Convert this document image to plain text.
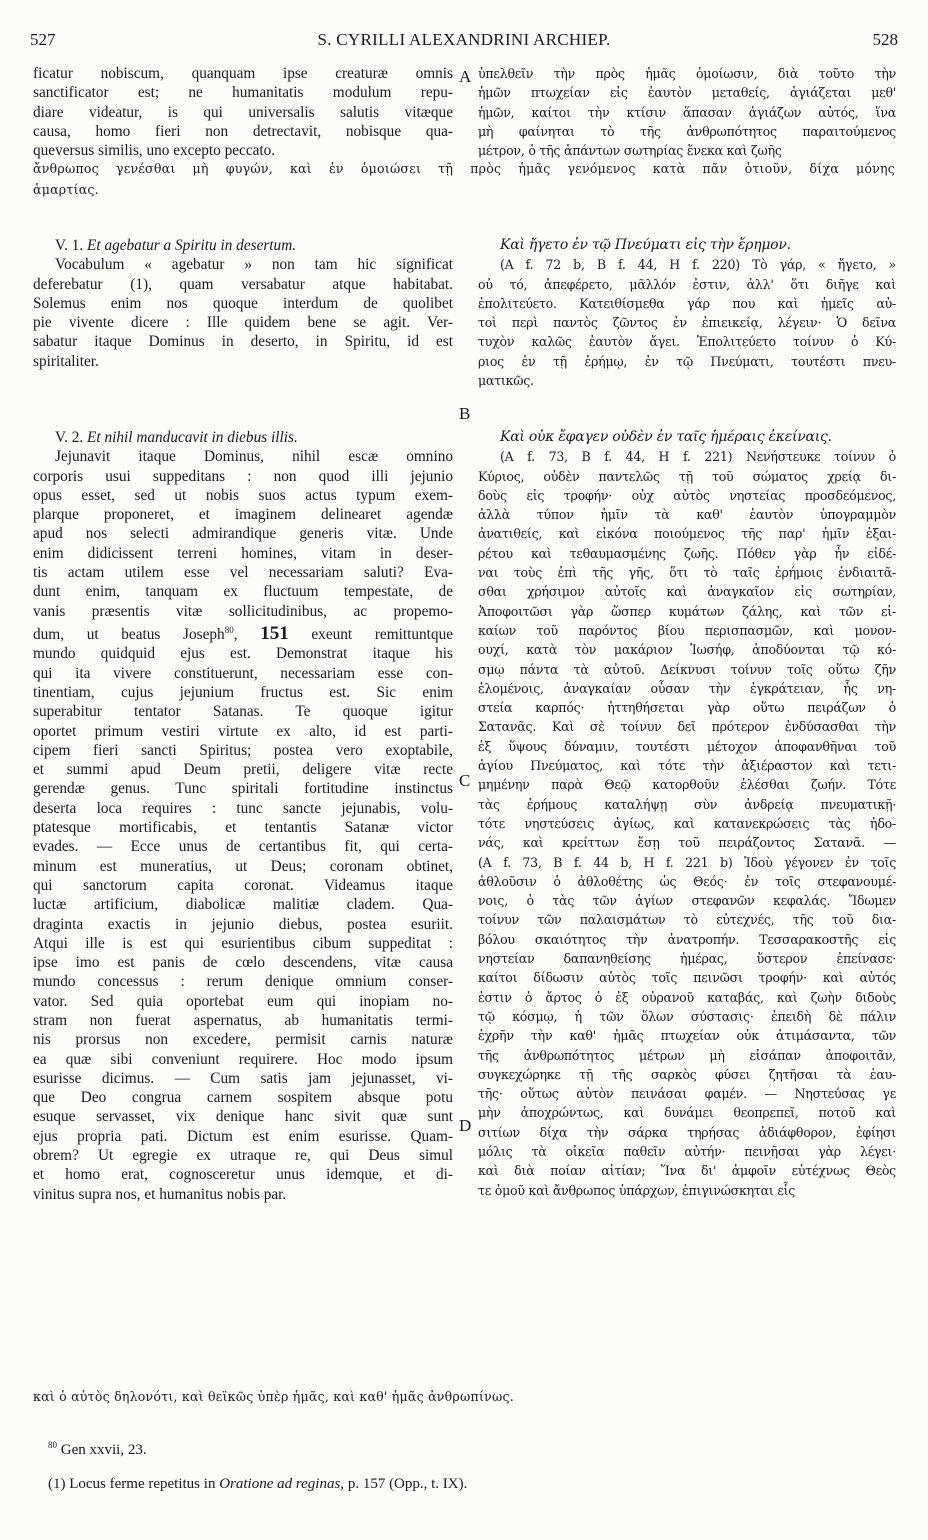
527	S. CYRILLI ALEXANDRINI ARCHIEP.	528

ficatur nobiscum, quanquam ipse creaturæ omnis

sanctificator est; ne humanitatis modulum repu-

diare videatur, is qui universalis salutis vitæque

causa, homo fieri non detrectavit, nobisque qua-

queversus similis, uno excepto peccato.

ὑπελθεῖν τὴν πρὸς ἡμᾶς ὁμοίωσιν, διὰ τοῦτο τὴν

ἡμῶν πτωχείαν εἰς ἑαυτὸν μεταθείς, ἁγιάζεται μεθ'

ἡμῶν, καίτοι τὴν κτίσιν ἅπασαν ἁγιάζων αὐτός, ἵνα

μὴ φαίνηται τὸ τῆς ἀνθρωπότητος παραιτούμενος

μέτρον, ὁ τῆς ἁπάντων σωτηρίας ἕνεκα καὶ ζωῆς

ἄνθρωπος γενέσθαι μὴ φυγών, καὶ ἐν ὁμοιώσει τῇ πρὸς ἡμᾶς γενόμενος κατὰ πᾶν ὁτιοῦν, δίχα μόνης

ἁμαρτίας.

V. 1. Et agebatur a Spiritu in desertum.

Vocabulum « agebatur » non tam hic significat

deferebatur (1), quam versabatur atque habitabat.

Solemus enim nos quoque interdum de quolibet

pie vivente dicere : Ille quidem bene se agit. Ver-

sabatur itaque Dominus in deserto, in Spiritu, id est

spiritaliter.

Καὶ ἤγετο ἐν τῷ Πνεύματι εἰς τὴν ἔρημον.

(A f. 72 b, B f. 44, H f. 220) Τὸ γάρ, « ἤγετο, »

οὐ τό, ἀπεφέρετο, μᾶλλόν ἐστιν, ἀλλ' ὅτι διῆγε καὶ

ἐπολιτεύετο. Κατειθίσμεθα γάρ που καὶ ἡμεῖς αὐ-

τοὶ περὶ παντὸς ζῶντος ἐν ἐπιεικείᾳ, λέγειν· Ὁ δεῖνα

τυχὸν καλῶς ἑαυτὸν ἄγει. Ἐπολιτεύετο τοίνυν ὁ Κύ-

ριος ἐν τῇ ἐρήμῳ, ἐν τῷ Πνεύματι, τουτέστι πνευ-

ματικῶς.

V. 2. Et nihil manducavit in diebus illis.

Jejunavit itaque Dominus, nihil escæ omnino

corporis usui suppeditans : non quod illi jejunio

opus esset, sed ut nobis suos actus typum exem-

plarque proponeret, et imaginem delinearet agendæ

apud nos selecti admirandique generis vitæ. Unde

enim didicissent terreni homines, vitam in deser-

tis actam utilem esse vel necessariam saluti? Eva-

dunt enim, tanquam ex fluctuum tempestate, de

vanis præsentis vitæ sollicitudinibus, ac propemo-

dum, ut beatus Joseph$^{80}$, 151 exeunt remittuntque

mundo quidquid ejus est. Demonstrat itaque his

qui ita vivere constituerunt, necessariam esse con-

tinentiam, cujus jejunium fructus est. Sic enim

superabitur tentator Satanas. Te quoque igitur

oportet primum vestiri virtute ex alto, id est parti-

cipem fieri sancti Spiritus; postea vero exoptabile,

et summi apud Deum pretii, deligere vitæ recte

gerendæ genus. Tunc spiritali fortitudine instinctus

deserta loca requires : tunc sancte jejunabis, volu-

ptatesque mortificabis, et tentantis Satanæ victor

evades. — Ecce unus de certantibus fit, qui certa-

minum est muneratius, ut Deus; coronam obtinet,

qui sanctorum capita coronat. Videamus itaque

luctæ artificium, diabolicæ malitiæ cladem. Qua-

draginta exactis in jejunio diebus, postea esuriit.

Atqui ille is est qui esurientibus cibum suppeditat :

ipse imo est panis de cœlo descendens, vitæ causa

mundo concessus : rerum denique omnium conser-

vator. Sed quia oportebat eum qui inopiam no-

stram non fuerat aspernatus, ab humanitatis termi-

nis prorsus non excedere, permisit carnis naturæ

ea quæ sibi conveniunt requirere. Hoc modo ipsum

esurisse dicimus. — Cum satis jam jejunasset, vi-

que Deo congrua carnem sospitem absque potu

esuque servasset, vix denique hanc sivit quæ sunt

ejus propria pati. Dictum est enim esurisse. Quam-

obrem? Ut egregie ex utraque re, qui Deus simul

et homo erat, cognosceretur unus idemque, et di-

vinitus supra nos, et humanitus nobis par.

Καὶ οὐκ ἔφαγεν οὐδὲν ἐν ταῖς ἡμέραις ἐκείναις.

(A f. 73, B f. 44, H f. 221) Νενήστευκε τοίνυν ὁ

Κύριος, οὐδὲν παντελῶς τῇ τοῦ σώματος χρείᾳ δι-

δοὺς εἰς τροφήν· οὐχ αὐτὸς νηστείας προσδεόμενος,

ἀλλὰ τύπον ἡμῖν τὰ καθ' ἑαυτὸν ὑπογραμμὸν

ἀνατιθείς, καὶ εἰκόνα ποιούμενος τῆς παρ' ἡμῖν ἐξαι-

ρέτου καὶ τεθαυμασμένης ζωῆς. Πόθεν γὰρ ἦν εἰδέ-

ναι τοὺς ἐπὶ τῆς γῆς, ὅτι τὸ ταῖς ἐρήμοις ἐνδιαιτᾶ-

σθαι χρήσιμον αὐτοῖς καὶ ἀναγκαῖον εἰς σωτηρίαν,

Ἀποφοιτῶσι γὰρ ὥσπερ κυμάτων ζάλης, καὶ τῶν εἰ-

καίων τοῦ παρόντος βίου περισπασμῶν, καὶ μονον-

ουχί, κατὰ τὸν μακάριον Ἰωσήφ, ἀποδύονται τῷ κό-

σμῳ πάντα τὰ αὐτοῦ. Δείκνυσι τοίνυν τοῖς οὕτω ζῆν

ἑλομένοις, ἀναγκαίαν οὖσαν τὴν ἐγκράτειαν, ἧς νη-

στεία καρπός· ἡττηθήσεται γὰρ οὕτω πειράζων ὁ

Σατανᾶς. Καὶ σὲ τοίνυν δεῖ πρότερον ἐνδύσασθαι τὴν

ἐξ ὕψους δύναμιν, τουτέστι μέτοχον ἀποφανθῆναι τοῦ

ἁγίου Πνεύματος, καὶ τότε τὴν ἀξιέραστον καὶ τετι-

μημένην παρὰ Θεῷ κατορθοῦν ἑλέσθαι ζωήν. Τότε

τὰς ἐρήμους καταλήψῃ σὺν ἀνδρείᾳ πνευματικῇ·

τότε νηστεύσεις ἁγίως, καὶ κατανεκρώσεις τὰς ἡδο-

νάς, καὶ κρείττων ἔσῃ τοῦ πειράζοντος Σατανᾶ. —

(A f. 73, B f. 44 b, H f. 221 b) Ἰδοὺ γέγονεν ἐν τοῖς

ἀθλοῦσιν ὁ ἀθλοθέτης ὡς Θεός· ἐν τοῖς στεφανουμέ-

νοις, ὁ τὰς τῶν ἁγίων στεφανῶν κεφαλάς. Ἴδωμεν

τοίνυν τῶν παλαισμάτων τὸ εὐτεχνές, τῆς τοῦ δια-

βόλου σκαιότητος τὴν ἀνατροπήν. Τεσσαρακοστῆς εἰς

νηστείαν δαπανηθείσης ἡμέρας, ὕστερον ἐπείνασε·

καίτοι δίδωσιν αὐτὸς τοῖς πεινῶσι τροφήν· καὶ αὐτός

ἐστιν ὁ ἄρτος ὁ ἐξ οὐρανοῦ καταβάς, καὶ ζωὴν διδοὺς

τῷ κόσμῳ, ἡ τῶν ὅλων σύστασις· ἐπειδὴ δὲ πάλιν

ἐχρῆν τὴν καθ' ἡμᾶς πτωχείαν οὐκ ἀτιμάσαντα, τῶν

τῆς ἀνθρωπότητος μέτρων μὴ εἰσάπαν ἀποφοιτᾶν,

συγκεχώρηκε τῇ τῆς σαρκὸς φύσει ζητῆσαι τὰ ἑαυ-

τῆς· οὕτως αὐτὸν πεινάσαι φαμέν. — Νηστεύσας γε

μὴν ἀποχρώντως, καὶ δυνάμει θεοπρεπεῖ, ποτοῦ καὶ

σιτίων δίχα τὴν σάρκα τηρήσας ἀδιάφθορον, ἐφίησι

μόλις τὰ οἰκεῖα παθεῖν αὐτήν· πεινῆσαι γὰρ λέγει·

καὶ διὰ ποίαν αἰτίαν; Ἵνα δι' ἀμφοῖν εὐτέχνως Θεὸς

τε ὁμοῦ καὶ ἄνθρωπος ὑπάρχων, ἐπιγινώσκηται εἷς

καὶ ὁ αὐτὸς δηλονότι, καὶ θεϊκῶς ὑπὲρ ἡμᾶς, καὶ καθ' ἡμᾶς ἀνθρωπίνως.

A
B
C
D
$^{80}$ Gen xxvii, 23.
(1) Locus ferme repetitus in Oratione ad reginas, p. 157 (Opp., t. IX).
